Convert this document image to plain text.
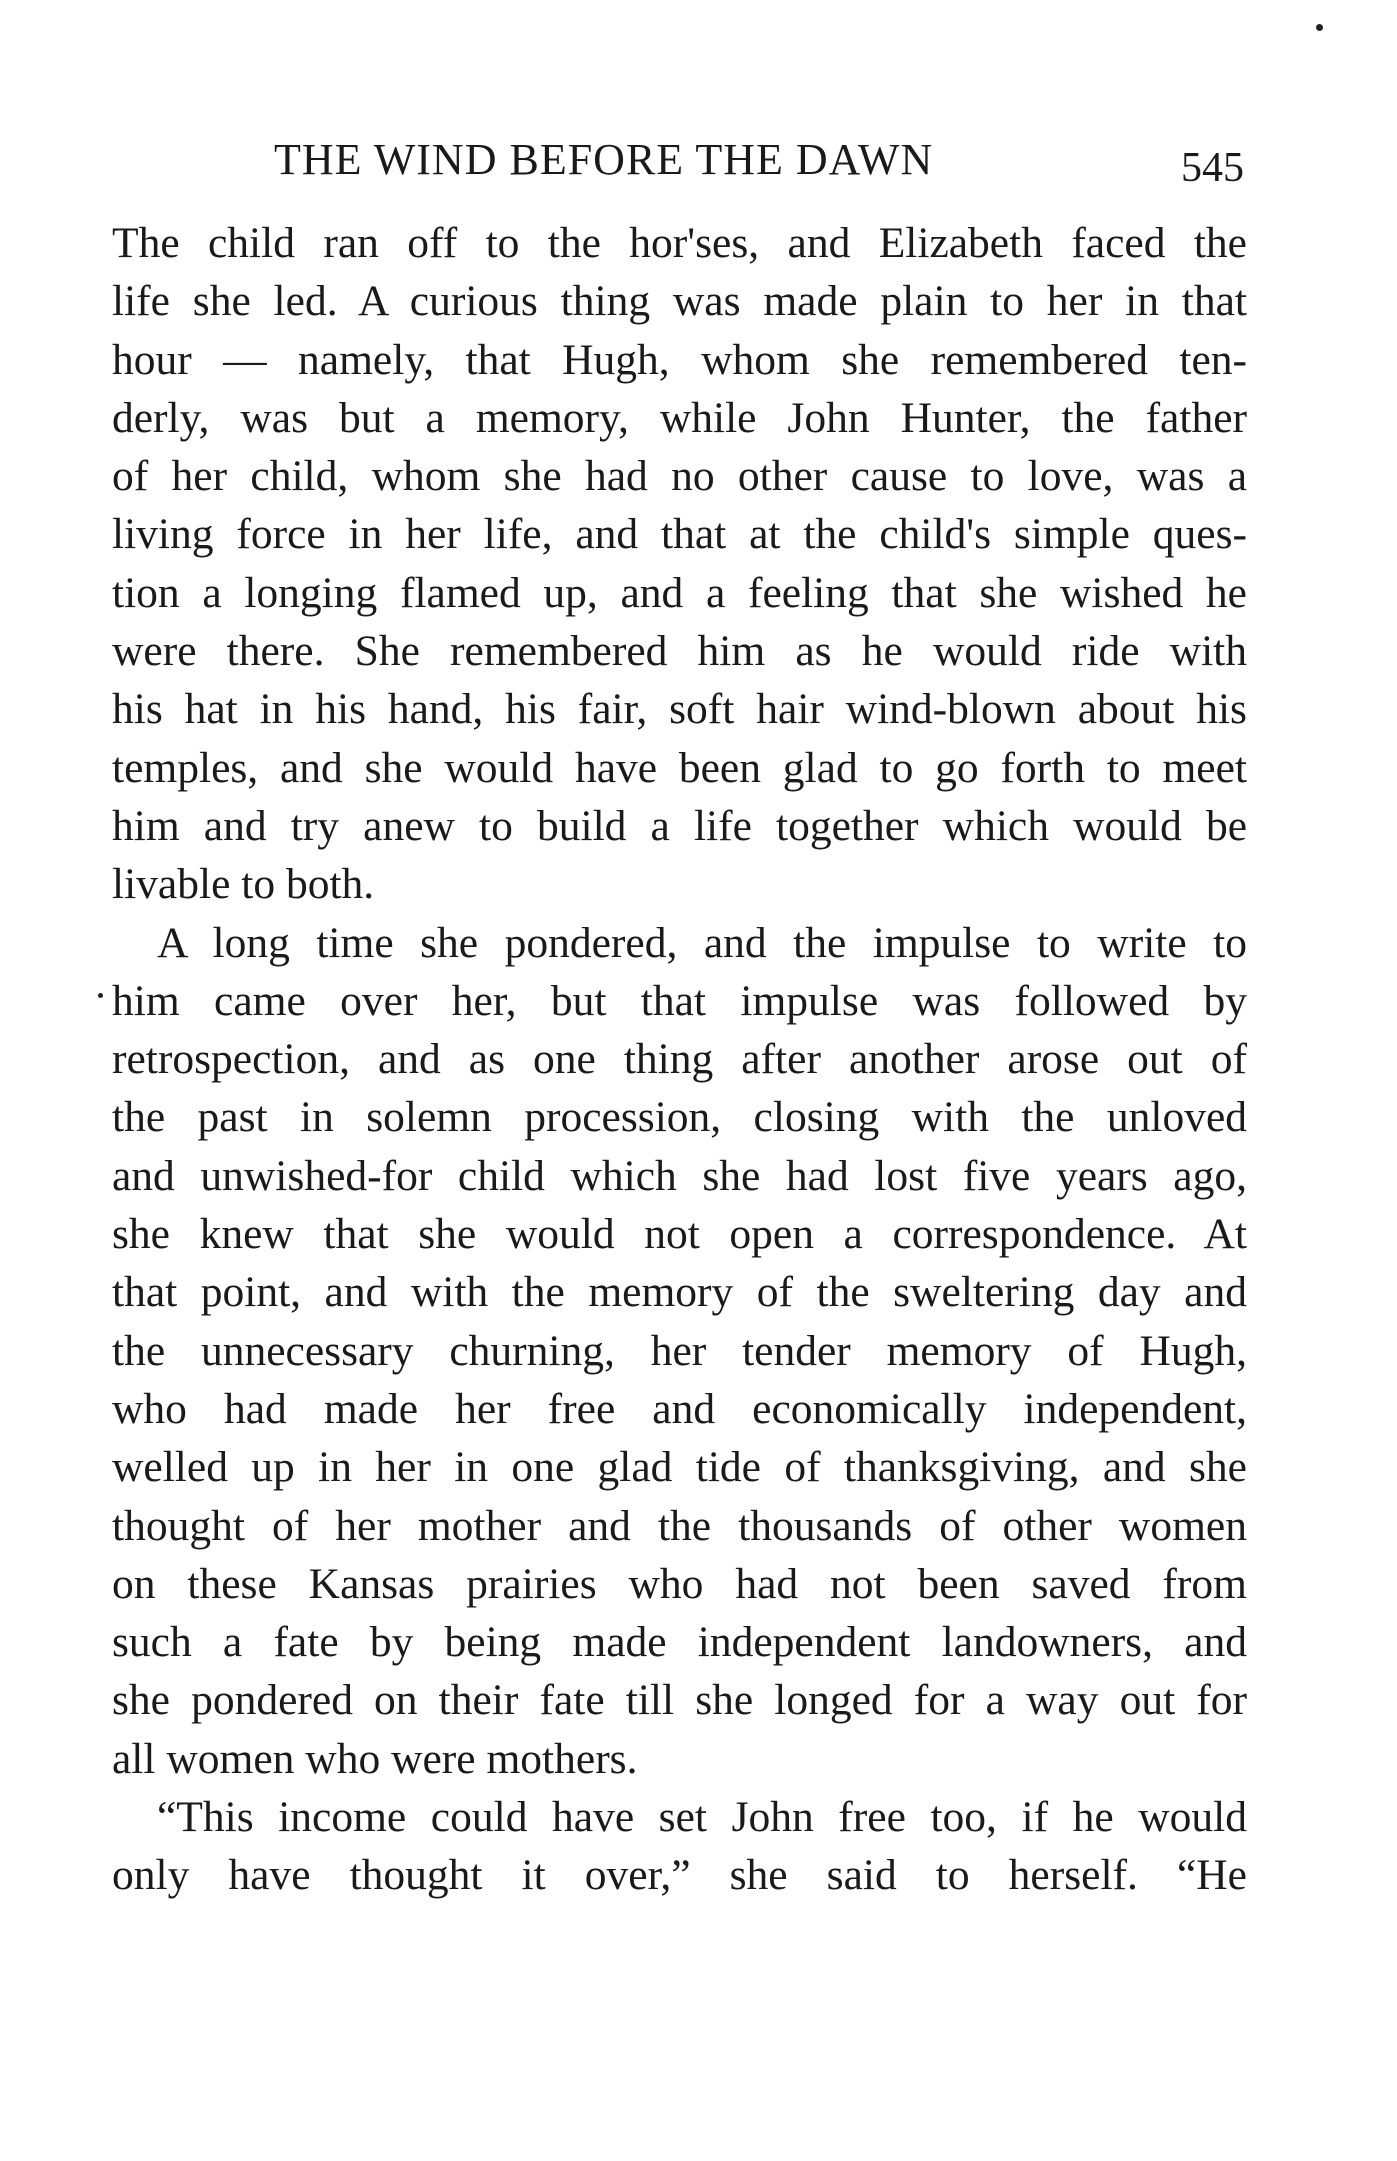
THE WIND BEFORE THE DAWN	545
The child ran off to the hor'ses, and Elizabeth faced the
life she led. A curious thing was made plain to her in that
hour — namely, that Hugh, whom she remembered ten-
derly, was but a memory, while John Hunter, the father
of her child, whom she had no other cause to love, was a
living force in her life, and that at the child's simple ques-
tion a longing flamed up, and a feeling that she wished he
were there. She remembered him as he would ride with
his hat in his hand, his fair, soft hair wind-blown about his
temples, and she would have been glad to go forth to meet
him and try anew to build a life together which would be
livable to both.
A long time she pondered, and the impulse to write to
him came over her, but that impulse was followed by
retrospection, and as one thing after another arose out of
the past in solemn procession, closing with the unloved
and unwished-for child which she had lost five years ago,
she knew that she would not open a correspondence. At
that point, and with the memory of the sweltering day and
the unnecessary churning, her tender memory of Hugh,
who had made her free and economically independent,
welled up in her in one glad tide of thanksgiving, and she
thought of her mother and the thousands of other women
on these Kansas prairies who had not been saved from
such a fate by being made independent landowners, and
she pondered on their fate till she longed for a way out for
all women who were mothers.
“This income could have set John free too, if he would
only have thought it over,” she said to herself. “He
